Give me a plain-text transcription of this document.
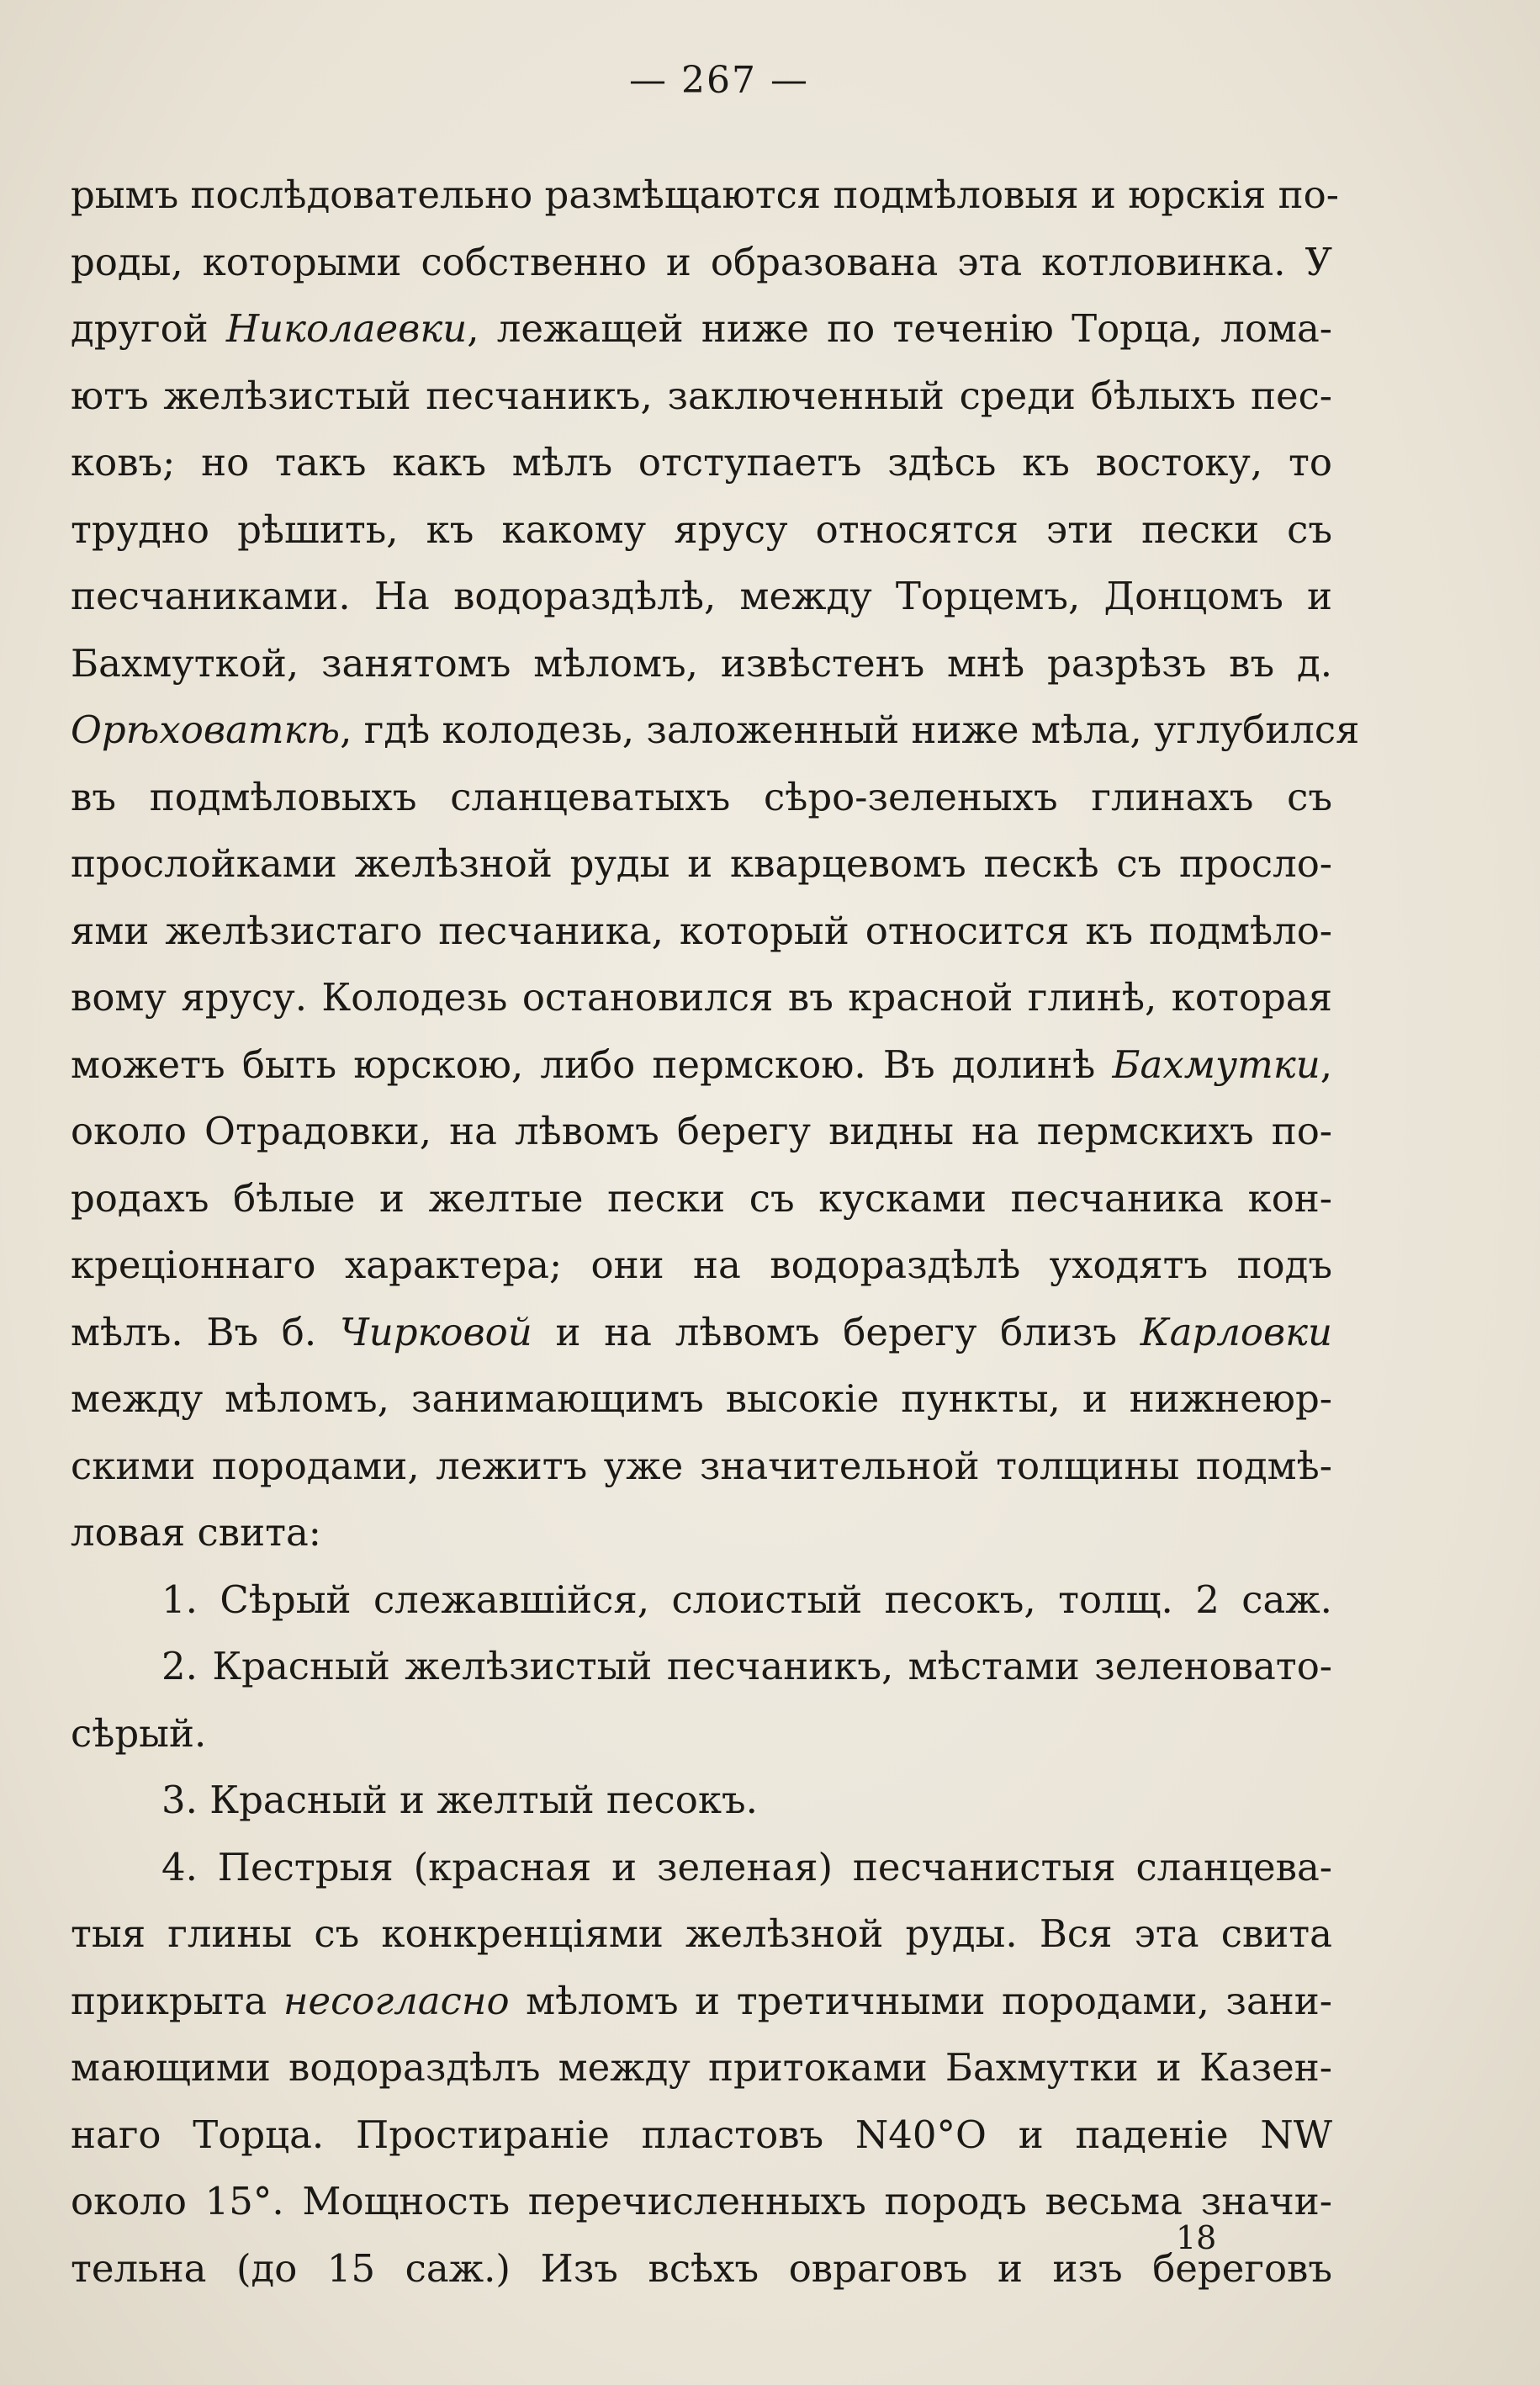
— 267 —
рымъ послѣдовательно размѣщаются подмѣловыя и юрскія по-
роды, которыми собственно и образована эта котловинка. У
другой Николаевки, лежащей ниже по теченію Торца, лома-
ютъ желѣзистый песчаникъ, заключенный среди бѣлыхъ пес-
ковъ; но такъ какъ мѣлъ отступаетъ здѣсь къ востоку, то
трудно рѣшить, къ какому ярусу относятся эти пески съ
песчаниками. На водораздѣлѣ, между Торцемъ, Донцомъ и
Бахмуткой, занятомъ мѣломъ, извѣстенъ мнѣ разрѣзъ въ д.
Орѣховаткѣ, гдѣ колодезь, заложенный ниже мѣла, углубился
въ подмѣловыхъ сланцеватыхъ сѣро-зеленыхъ глинахъ съ
прослойками желѣзной руды и кварцевомъ пескѣ съ просло-
ями желѣзистаго песчаника, который относится къ подмѣло-
вому ярусу. Колодезь остановился въ красной глинѣ, которая
можетъ быть юрскою, либо пермскою. Въ долинѣ Бахмутки,
около Отрадовки, на лѣвомъ берегу видны на пермскихъ по-
родахъ бѣлые и желтые пески съ кусками песчаника кон-
креціоннаго характера; они на водораздѣлѣ уходятъ подъ
мѣлъ. Въ б. Чирковой и на лѣвомъ берегу близъ Карловки
между мѣломъ, занимающимъ высокіе пункты, и нижнеюр-
скими породами, лежитъ уже значительной толщины подмѣ-
ловая свита:
1. Сѣрый слежавшійся, слоистый песокъ, толщ. 2 саж.
2. Красный желѣзистый песчаникъ, мѣстами зеленовато-
сѣрый.
3. Красный и желтый песокъ.
4. Пестрыя (красная и зеленая) песчанистыя сланцева-
тыя глины съ конкренціями желѣзной руды. Вся эта свита
прикрыта несогласно мѣломъ и третичными породами, зани-
мающими водораздѣлъ между притоками Бахмутки и Казен-
наго Торца. Простираніе пластовъ N40°O и паденіе NW
около 15°. Мощность перечисленныхъ породъ весьма значи-
тельна (до 15 саж.) Изъ всѣхъ овраговъ и изъ береговъ
18
